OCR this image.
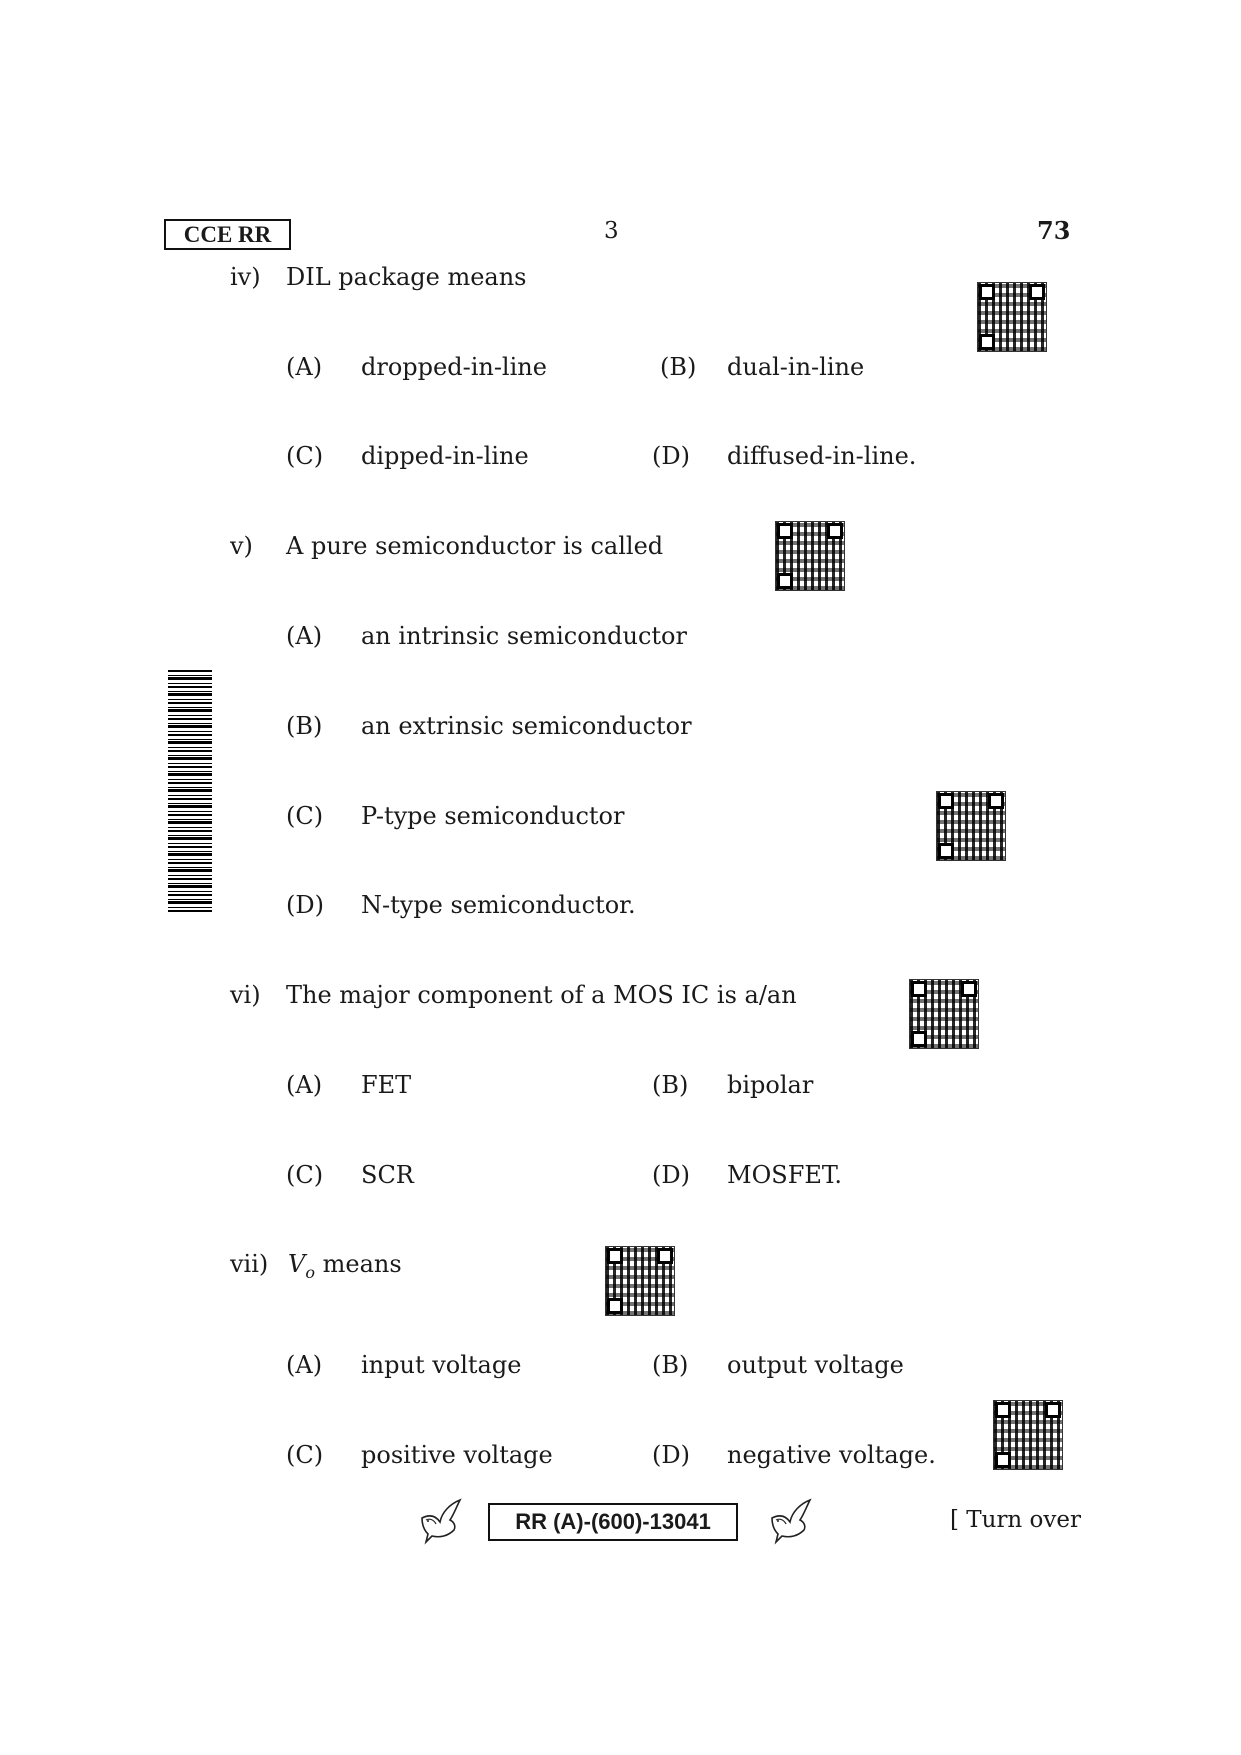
CCE RR	3	73
iv) DIL package means
(A) dropped-in-line	(B) dual-in-line
(C) dipped-in-line	(D) diffused-in-line.
v) A pure semiconductor is called
(A) an intrinsic semiconductor
(B) an extrinsic semiconductor
(C) P-type semiconductor
(D) N-type semiconductor.
vi) The major component of a MOS IC is a/an
(A) FET	(B) bipolar
(C) SCR	(D) MOSFET.
vii) $V_o$ means
(A) input voltage	(B) output voltage
(C) positive voltage	(D) negative voltage.
RR (A)-(600)-13041	[ Turn over
